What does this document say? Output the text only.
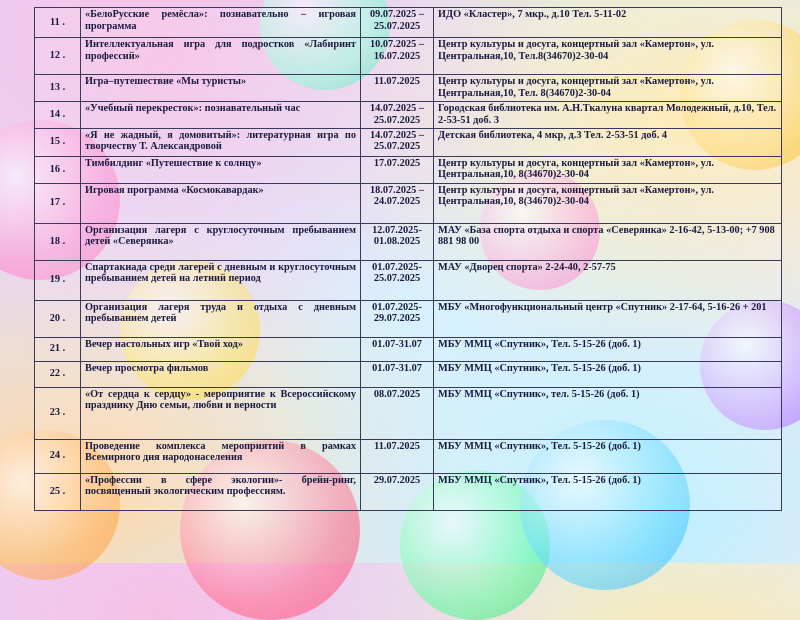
11 .	«БелоРусские ремёсла»: познавательно – игровая программа	09.07.2025 – 25.07.2025	ИДО «Кластер», 7 мкр., д.10 Тел. 5-11-02
12 .	Интеллектуальная игра для подростков «Лабиринт профессий»	10.07.2025 – 16.07.2025	Центр культуры и досуга, концертный зал «Камертон», ул. Центральная,10, Тел.8(34670)2-30-04
13 .	Игра–путешествие «Мы туристы»	11.07.2025	Центр культуры и досуга, концертный зал «Камертон», ул. Центральная,10, Тел. 8(34670)2-30-04
14 .	«Учебный перекресток»: познавательный час	14.07.2025 – 25.07.2025	Городская библиотека им. А.Н.Ткалуна квартал Молодежный, д.10, Тел. 2-53-51 доб. 3
15 .	«Я не жадный, я домовитый»: литературная игра по творчеству Т. Александровой	14.07.2025 – 25.07.2025	Детская библиотека, 4 мкр, д.3 Тел. 2-53-51 доб. 4
16 .	Тимбилдинг «Путешествие к солнцу»	17.07.2025	Центр культуры и досуга, концертный зал «Камертон», ул. Центральная,10, 8(34670)2-30-04
17 .	Игровая программа «Космокавардак»	18.07.2025 – 24.07.2025	Центр культуры и досуга, концертный зал «Камертон», ул. Центральная,10, 8(34670)2-30-04
18 .	Организация лагеря с круглосуточным пребыванием детей «Северянка»	12.07.2025- 01.08.2025	МАУ «База спорта отдыха и спорта «Северянка» 2-16-42, 5-13-00; +7 908 881 98 00
19 .	Спартакиада среди лагерей с дневным и круглосуточным пребыванием детей на летний период	01.07.2025- 25.07.2025	МАУ «Дворец спорта» 2-24-40, 2-57-75
20 .	Организация лагеря труда и отдыха с дневным пребыванием детей	01.07.2025- 29.07.2025	МБУ «Многофункциональный центр «Спутник» 2-17-64, 5-16-26 + 201
21 .	Вечер настольных игр «Твой ход»	01.07-31.07	МБУ ММЦ «Спутник», Тел. 5-15-26 (доб. 1)
22 .	Вечер просмотра фильмов	01.07-31.07	МБУ ММЦ «Спутник», Тел. 5-15-26 (доб. 1)
23 .	«От сердца к сердцу» - мероприятие к Всероссийскому празднику Дню семьи, любви и верности	08.07.2025	МБУ ММЦ «Спутник», тел. 5-15-26 (доб. 1)
24 .	Проведение комплекса мероприятий в рамках Всемирного дня народонаселения	11.07.2025	МБУ ММЦ «Спутник», Тел. 5-15-26 (доб. 1)
25 .	«Профессии в сфере экологии»- брейн-ринг, посвященный экологическим профессиям.	29.07.2025	МБУ ММЦ «Спутник», Тел. 5-15-26 (доб. 1)
